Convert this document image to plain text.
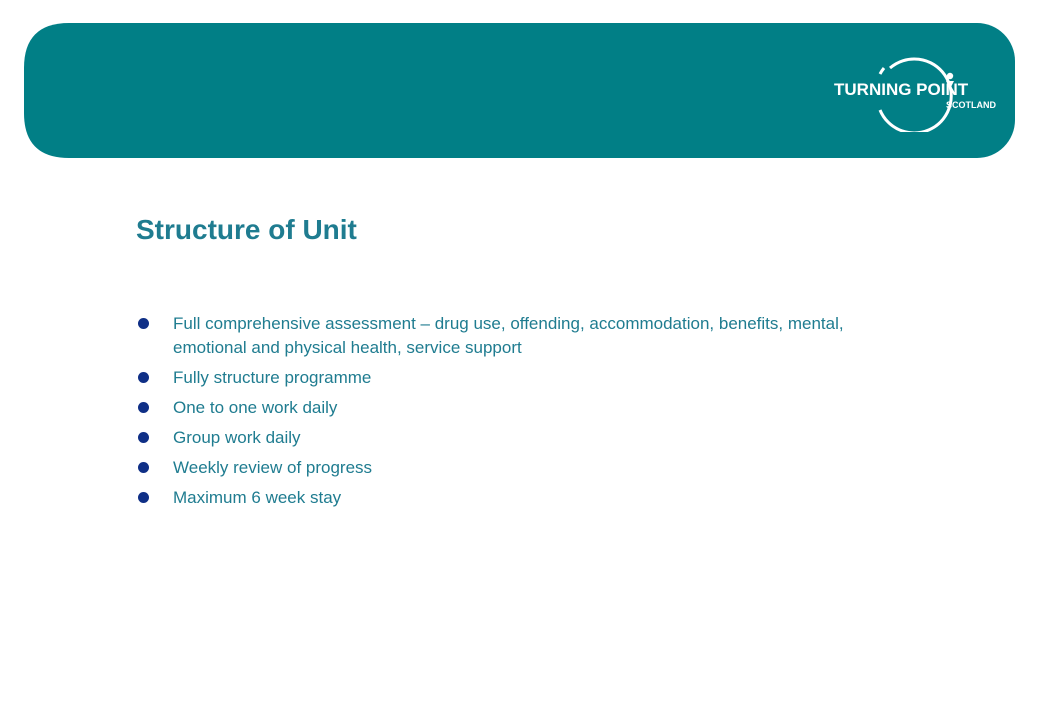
TURNING POINT
SCOTLAND
Structure of Unit
Full comprehensive assessment – drug use, offending, accommodation, benefits, mental, emotional and physical health, service support
Fully structure programme
One to one work daily
Group work daily
Weekly review of progress
Maximum 6 week stay
